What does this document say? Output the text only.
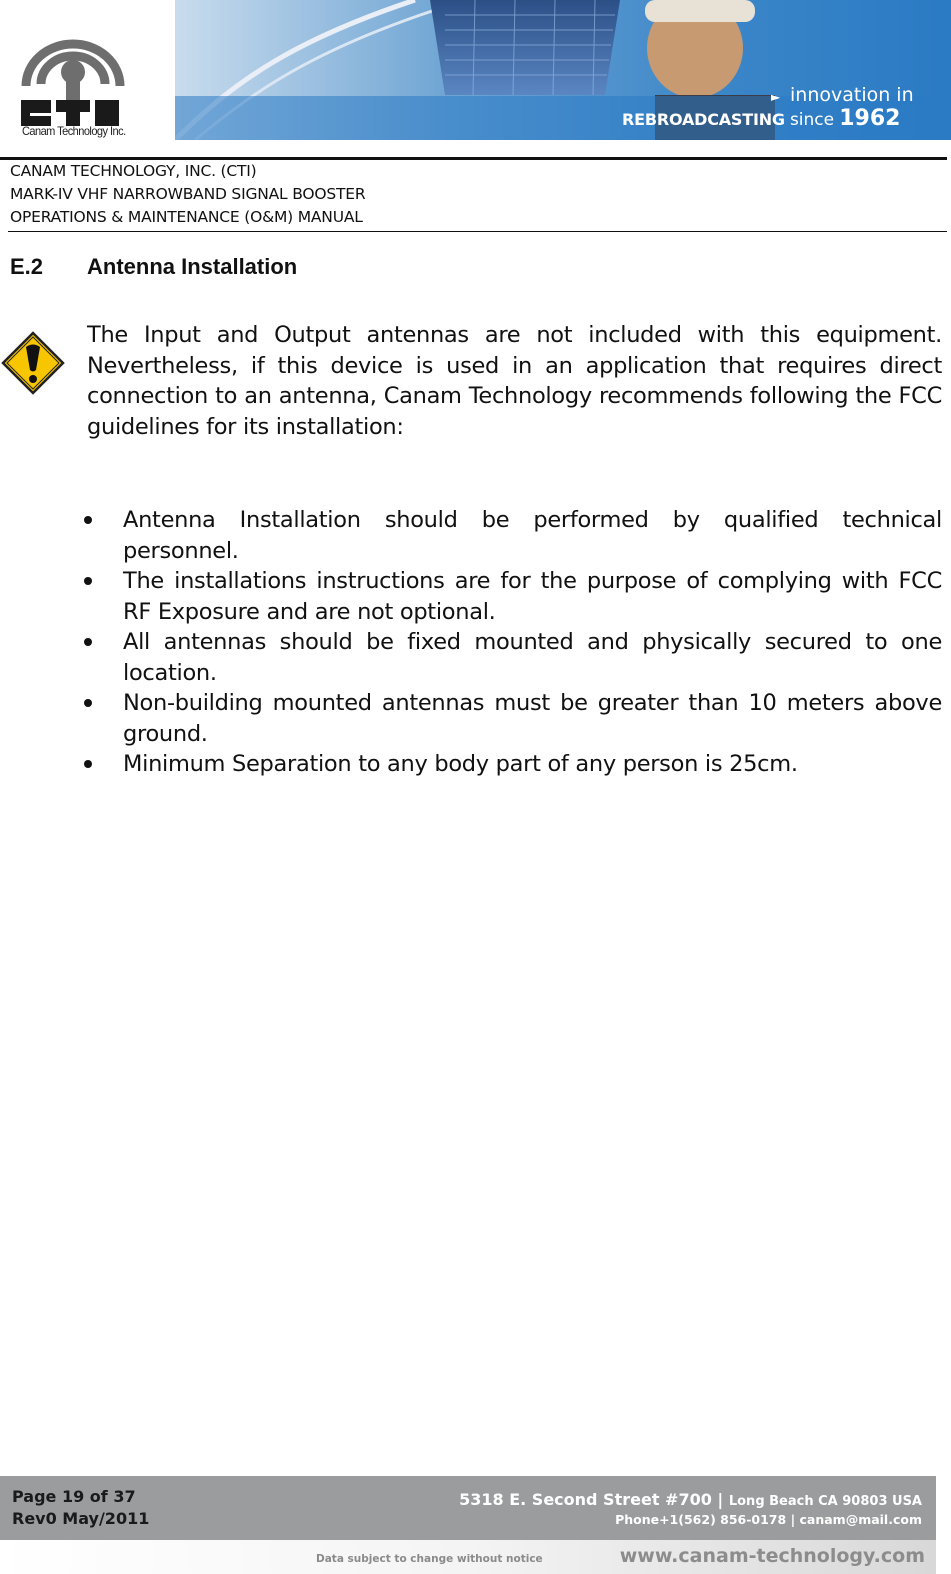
Canam Technology Inc.
► innovation in
REBROADCASTING since 1962
CANAM TECHNOLOGY, INC. (CTI)
MARK-IV VHF NARROWBAND SIGNAL BOOSTER
OPERATIONS & MAINTENANCE (O&M) MANUAL
E.2 Antenna Installation

The Input and Output antennas are not included with this equipment. Nevertheless, if this device is used in an application that requires direct connection to an antenna, Canam Technology recommends following the FCC guidelines for its installation:

Antenna Installation should be performed by qualified technical personnel.
The installations instructions are for the purpose of complying with FCC RF Exposure and are not optional.
All antennas should be fixed mounted and physically secured to one location.
Non-building mounted antennas must be greater than 10 meters above ground.
Minimum Separation to any body part of any person is 25cm.
Page 19 of 37
Rev0 May/2011
5318 E. Second Street #700 | Long Beach CA 90803 USA
Phone+1(562) 856-0178 | canam@mail.com
Data subject to change without notice	www.canam-technology.com
